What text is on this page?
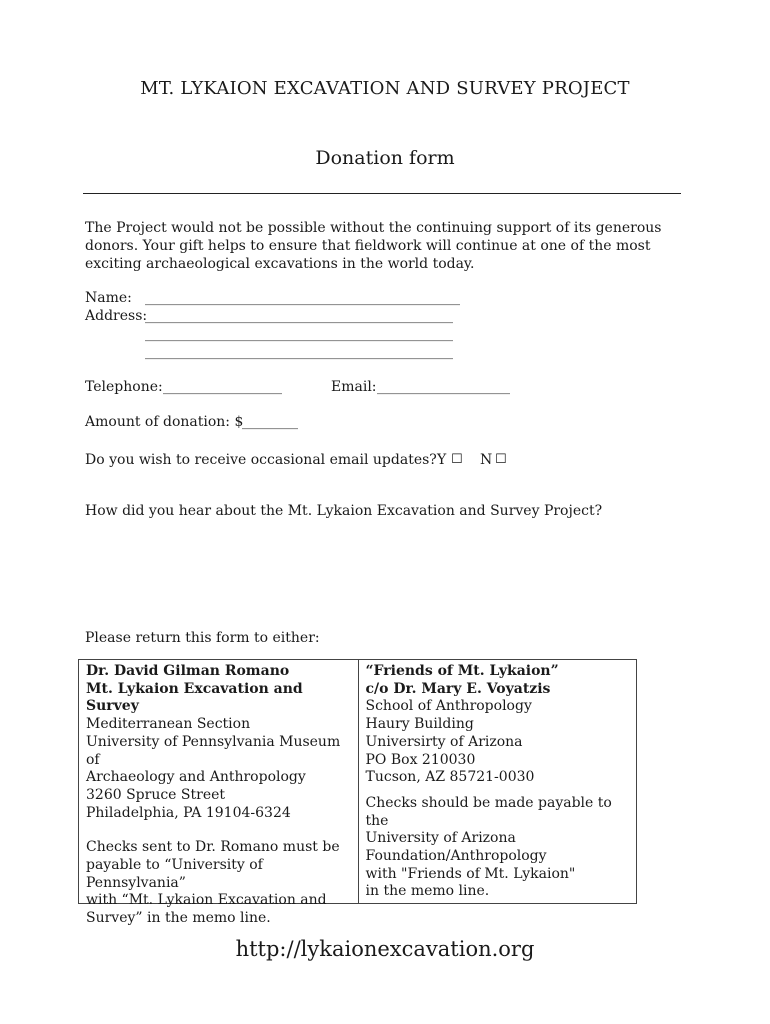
MT. LYKAION EXCAVATION AND SURVEY PROJECT
Donation form
The Project would not be possible without the continuing support of its generous donors. Your gift helps to ensure that fieldwork will continue at one of the most exciting archaeological excavations in the world today.
Name: _____________________________________________
Address:
____________________________________________
____________________________________________
____________________________________________
Telephone: _________________	Email: ___________________
Amount of donation: $
________
Do you wish to receive occasional email updates? Y ☐ N ☐
How did you hear about the Mt. Lykaion Excavation and Survey Project?
Please return this form to either:
Dr. David Gilman Romano
Mt. Lykaion Excavation and
Survey
Mediterranean Section
University of Pennsylvania Museum of
Archaeology and Anthropology
3260 Spruce Street
Philadelphia, PA 19104-6324
Checks sent to Dr. Romano must be
payable to “University of Pennsylvania”
with “Mt. Lykaion Excavation and
Survey” in the memo line.
“Friends of Mt. Lykaion”
c/o Dr. Mary E. Voyatzis
School of Anthropology
Haury Building
Universirty of Arizona
PO Box 210030
Tucson, AZ 85721-0030
Checks should be made payable to the
University of Arizona
Foundation/Anthropology
with "Friends of Mt. Lykaion"
in the memo line.
http://lykaionexcavation.org
